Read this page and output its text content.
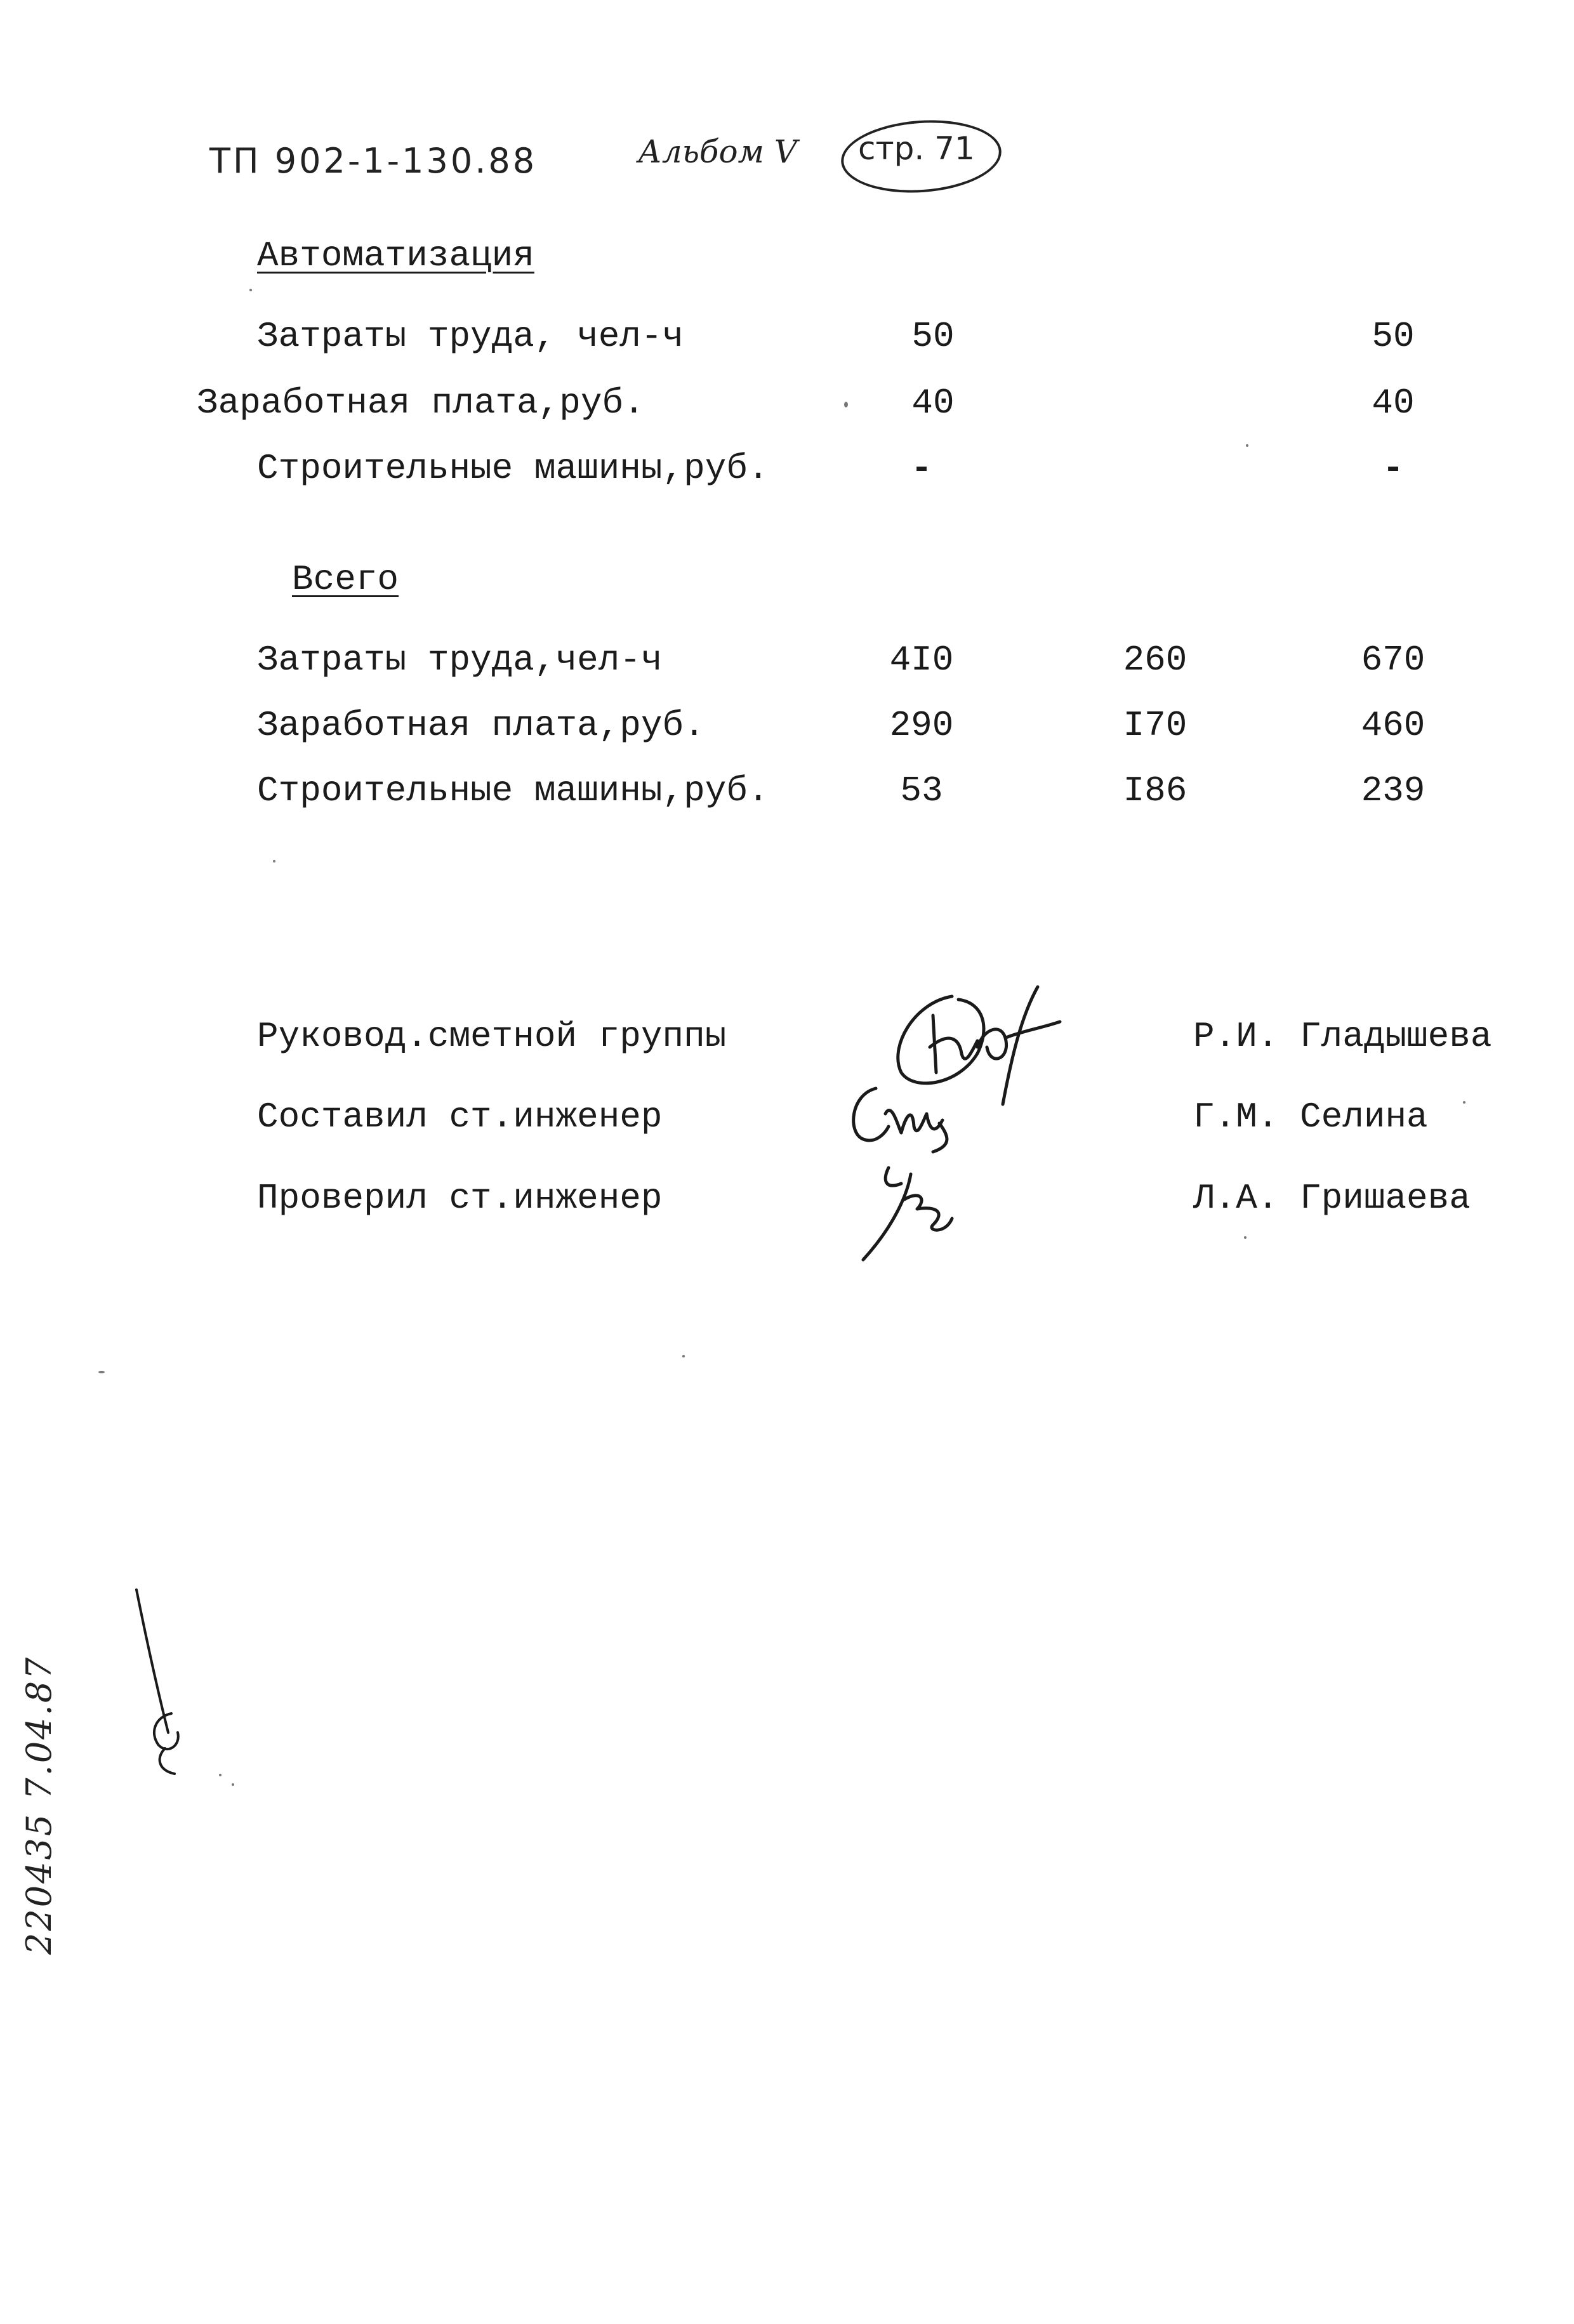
ТП 902-1-130.88	Альбом V стр. 71
Автоматизация
Затраты труда, чел-ч	50	50
Заработная плата,руб.	40	40
Строительные машины,руб.	-	-
Всего
Затраты труда,чел-ч	4I0	260	670
Заработная плата,руб.	290	I70	460
Строительные машины,руб.	53	I86	239
Руковод.сметной группы	Р.И. Гладышева
Составил ст.инженер	Г.М. Селина
Проверил ст.инженер	Л.А. Гришаева
220435 7.04.87
